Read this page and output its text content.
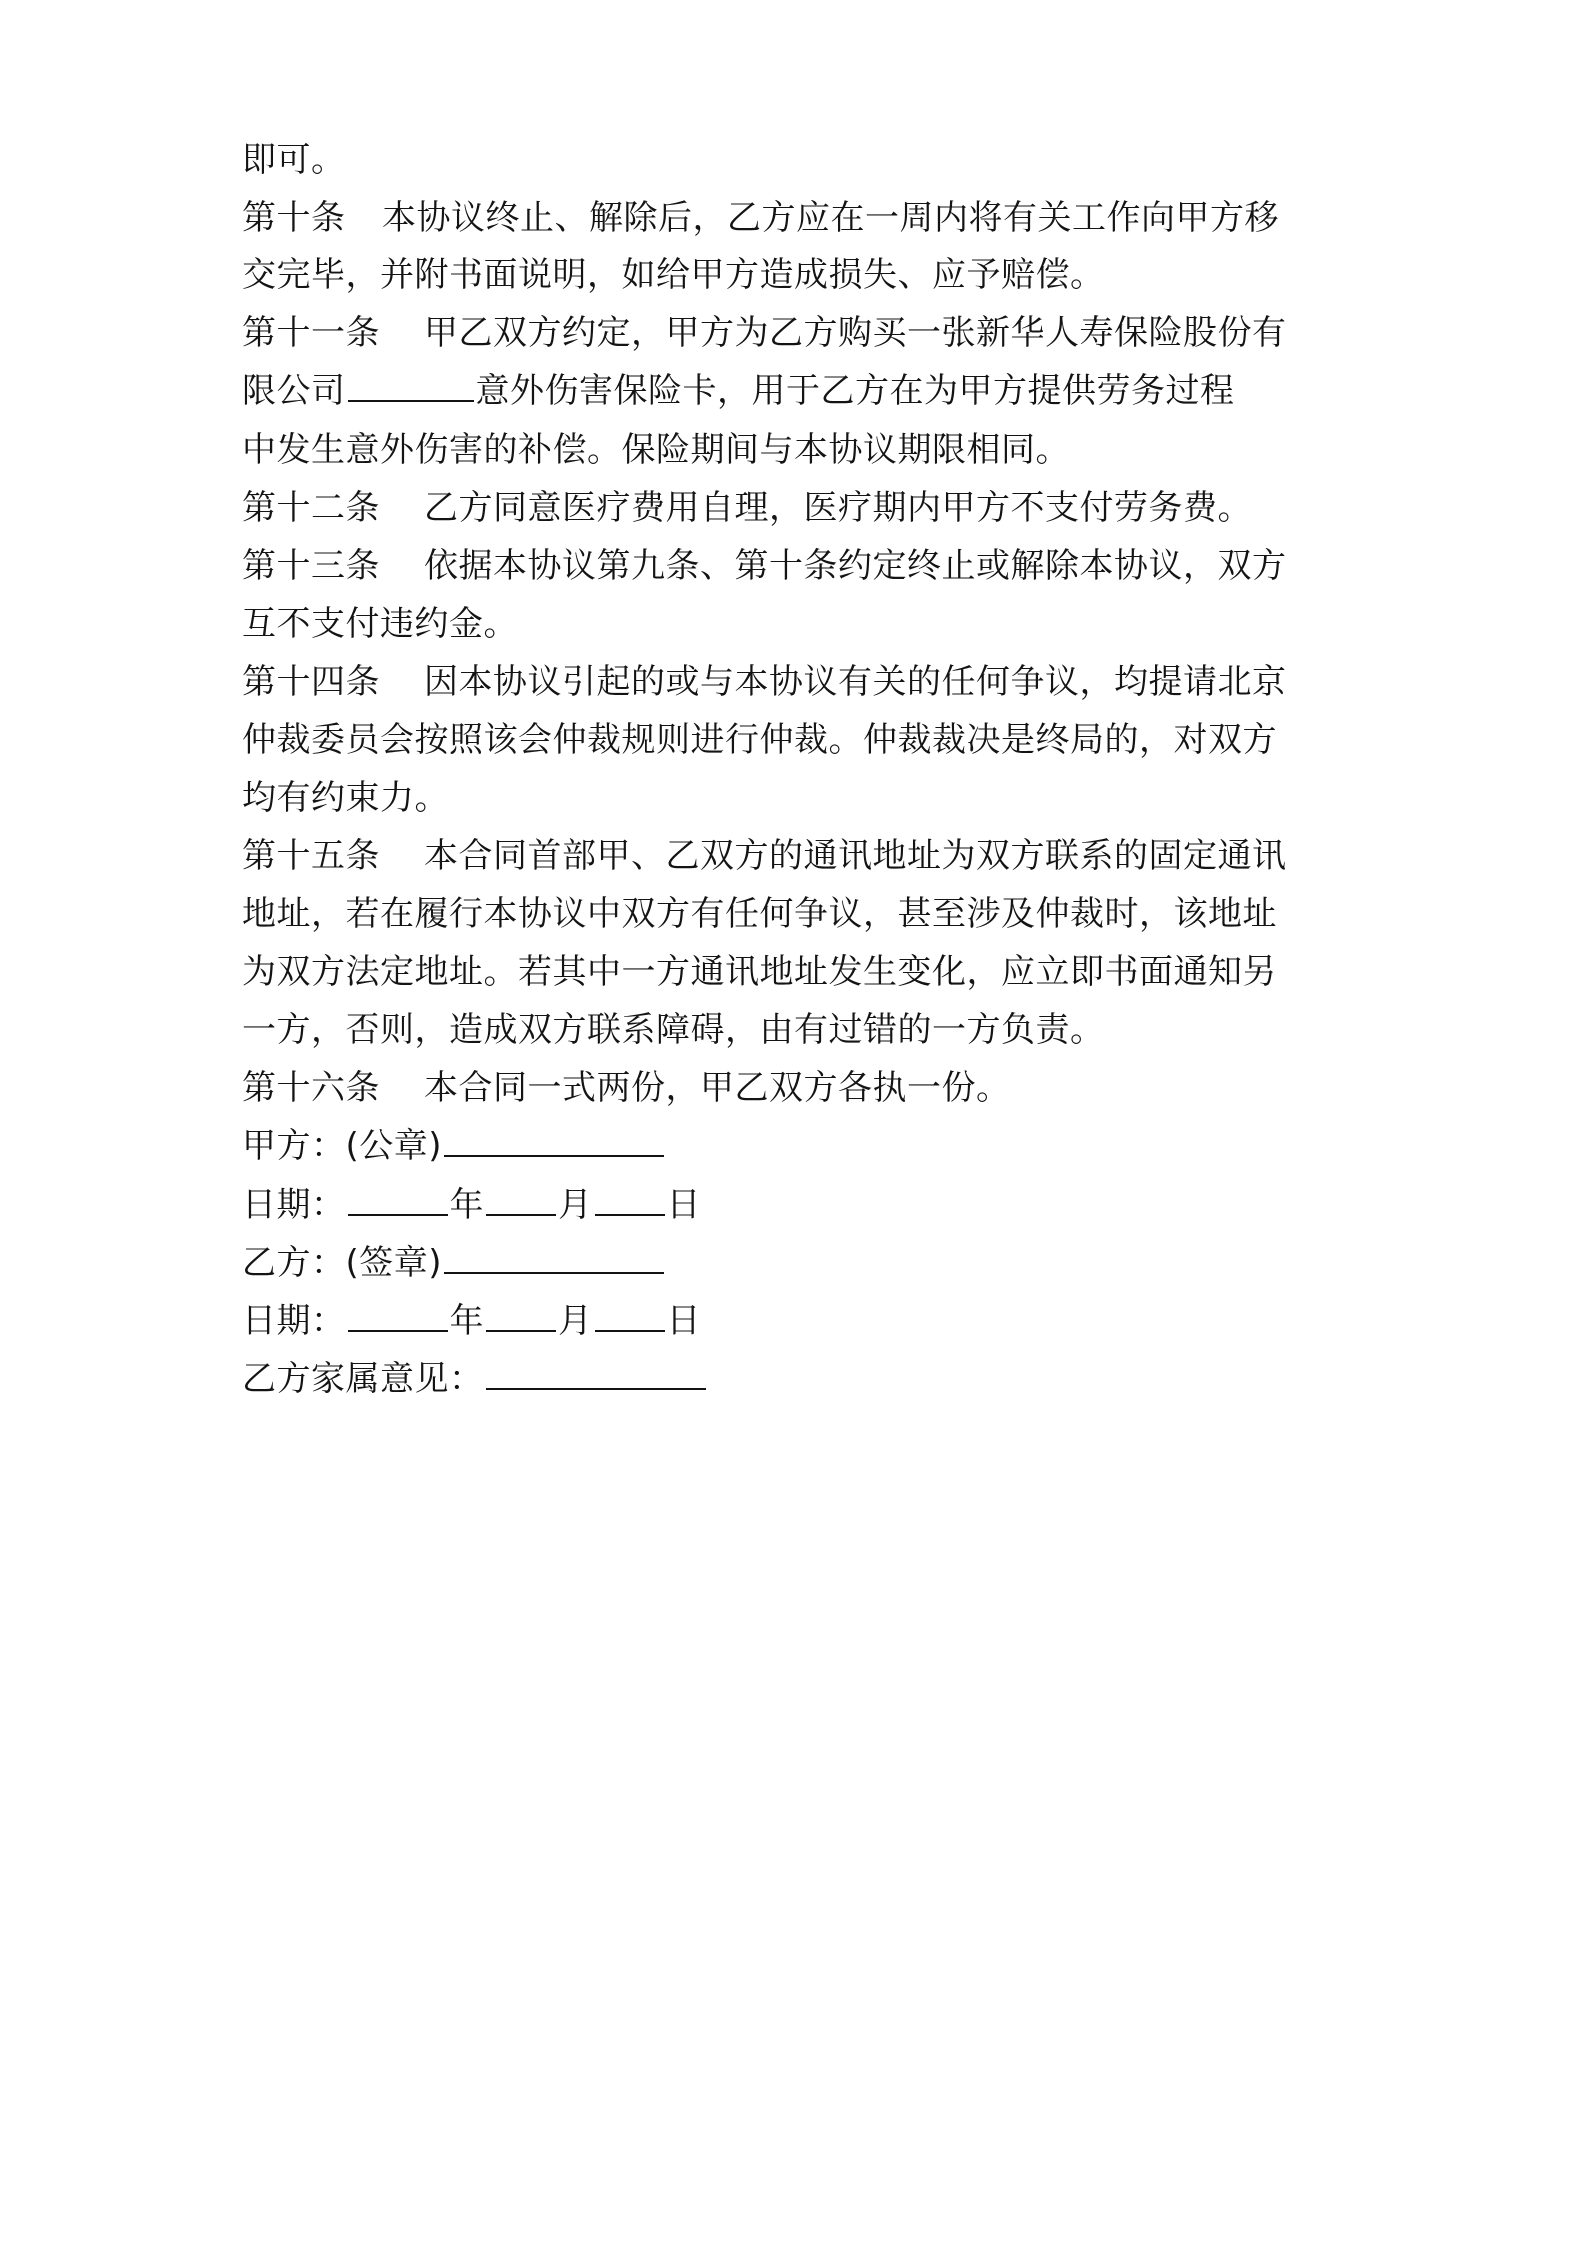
即可。
第十条 本协议终止、解除后，乙方应在一周内将有关工作向甲方移
交完毕，并附书面说明，如给甲方造成损失、应予赔偿。
第十一条 甲乙双方约定，甲方为乙方购买一张新华人寿保险股份有
限公司	意外伤害保险卡，用于乙方在为甲方提供劳务过程
中发生意外伤害的补偿。保险期间与本协议期限相同。
第十二条 乙方同意医疗费用自理，医疗期内甲方不支付劳务费。
第十三条 依据本协议第九条、第十条约定终止或解除本协议，双方
互不支付违约金。
第十四条 因本协议引起的或与本协议有关的任何争议，均提请北京
仲裁委员会按照该会仲裁规则进行仲裁。仲裁裁决是终局的，对双方
均有约束力。
第十五条 本合同首部甲、乙双方的通讯地址为双方联系的固定通讯
地址，若在履行本协议中双方有任何争议，甚至涉及仲裁时，该地址
为双方法定地址。若其中一方通讯地址发生变化，应立即书面通知另
一方，否则，造成双方联系障碍，由有过错的一方负责。
第十六条 本合同一式两份，甲乙双方各执一份。
甲方：(公章)
日期：	年 月 日
乙方：(签章)
日期：	年 月 日
乙方家属意见：
